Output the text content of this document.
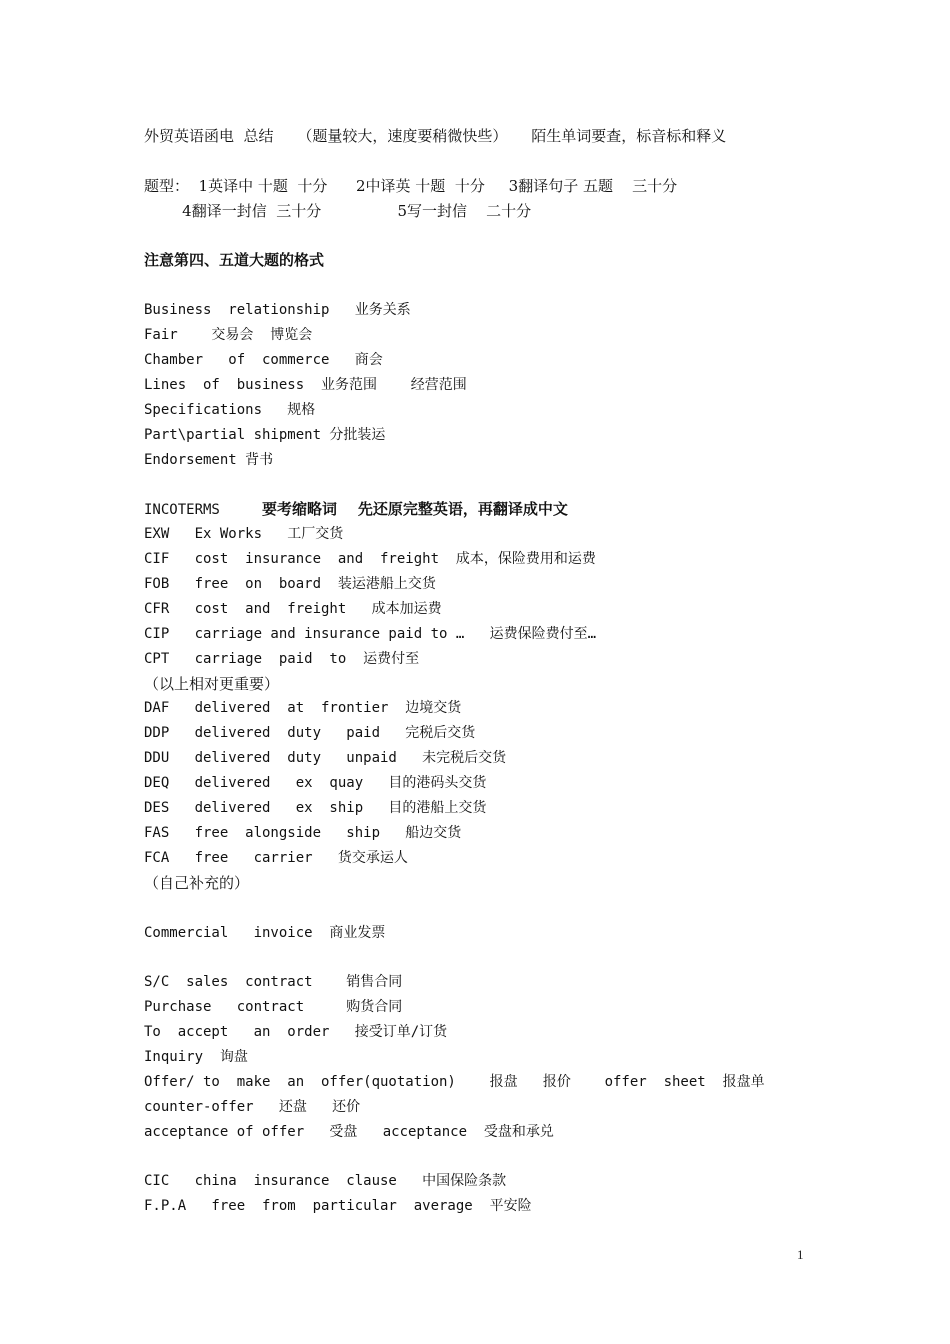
外贸英语函电  总结     （题量较大，速度要稍微快些）     陌生单词要查，标音标和释义
题型：  1英译中 十题  十分      2中译英 十题  十分     3翻译句子 五题    三十分
4翻译一封信  三十分                5写一封信    二十分
注意第四、五道大题的格式
Business  relationship   业务关系
Fair    交易会  博览会
Chamber   of  commerce   商会
Lines  of  business  业务范围    经营范围
Specifications   规格
Part\partial shipment 分批装运
Endorsement 背书
INCOTERMS     要考缩略词    先还原完整英语，再翻译成中文
EXW   Ex Works   工厂交货
CIF   cost  insurance  and  freight  成本，保险费用和运费
FOB   free  on  board  装运港船上交货
CFR   cost  and  freight   成本加运费
CIP   carriage and insurance paid to …   运费保险费付至…
CPT   carriage  paid  to  运费付至
（以上相对更重要）
DAF   delivered  at  frontier  边境交货
DDP   delivered  duty   paid   完税后交货
DDU   delivered  duty   unpaid   未完税后交货
DEQ   delivered   ex  quay   目的港码头交货
DES   delivered   ex  ship   目的港船上交货
FAS   free  alongside   ship   船边交货
FCA   free   carrier   货交承运人
（自己补充的）
Commercial   invoice  商业发票
S/C  sales  contract    销售合同
Purchase   contract     购货合同
To  accept   an  order   接受订单/订货
Inquiry  询盘
Offer/ to  make  an  offer(quotation)    报盘   报价    offer  sheet  报盘单
counter-offer   还盘   还价
acceptance of offer   受盘   acceptance  受盘和承兑
CIC   china  insurance  clause   中国保险条款
F.P.A   free  from  particular  average  平安险
1
